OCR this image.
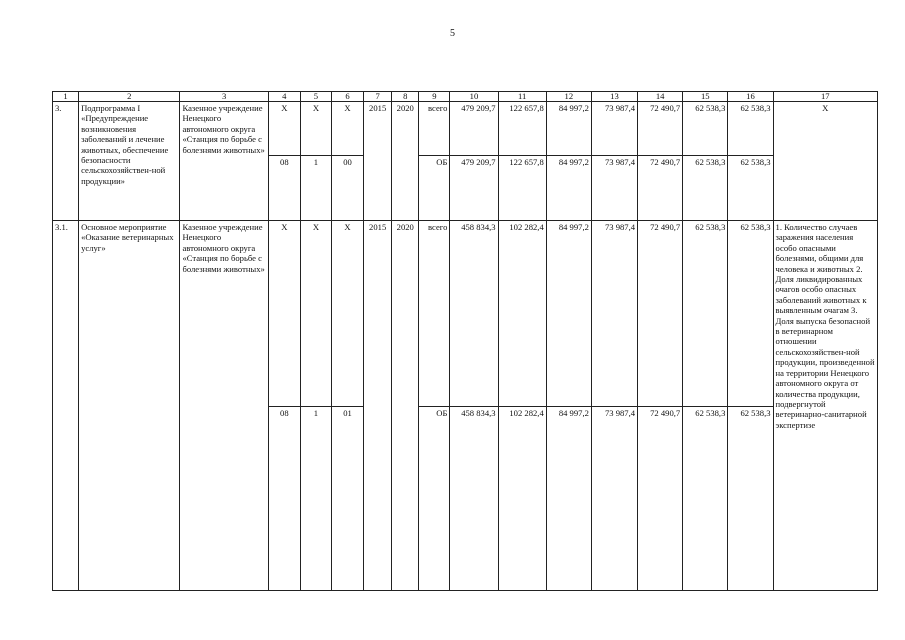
5
1	2	3	4	5	6	7	8	9	10	11	12	13	14	15	16	17
3.	Подпрограмма I «Предупреждение возникновения заболеваний и лечение животных, обеспечение безопасности сельскохозяйствен-ной продукции»	Казенное учреждение Ненецкого автономного округа «Станция по борьбе с болезнями животных»	X	X	X	2015	2020	всего	479 209,7	122 657,8	84 997,2	73 987,4	72 490,7	62 538,3	62 538,3	X
			08	1	00			ОБ	479 209,7	122 657,8	84 997,2	73 987,4	72 490,7	62 538,3	62 538,3	
3.1.	Основное мероприятие «Оказание ветеринарных услуг»	Казенное учреждение Ненецкого автономного округа «Станция по борьбе с болезнями животных»	X	X	X	2015	2020	всего	458 834,3	102 282,4	84 997,2	73 987,4	72 490,7	62 538,3	62 538,3	1. Количество случаев заражения населения особо опасными болезнями, общими для человека и животных 2. Доля ликвидированных очагов особо опасных заболеваний животных к выявленным очагам 3. Доля выпуска безопасной в ветеринарном отношении сельскохозяйствен-ной продукции, произведенной на территории Ненецкого автономного округа от количества продукции, подвергнутой ветеринарно-санитарной экспертизе
			08	1	01			ОБ	458 834,3	102 282,4	84 997,2	73 987,4	72 490,7	62 538,3	62 538,3	
